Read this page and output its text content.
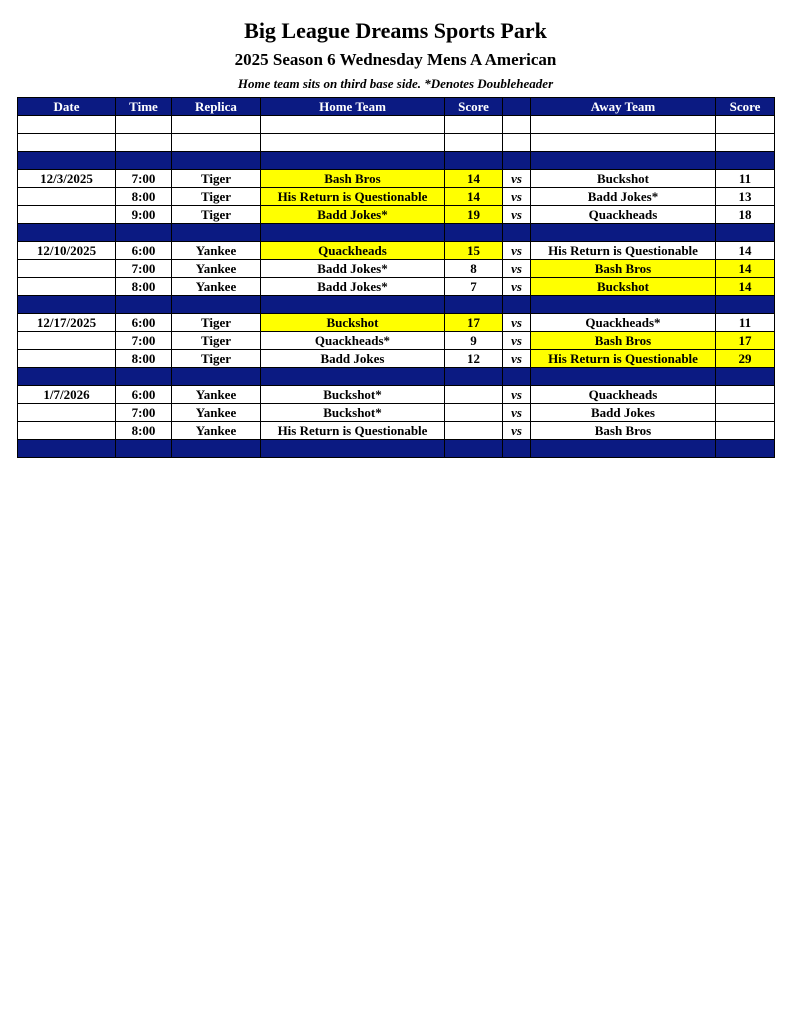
Big League Dreams Sports Park
2025 Season 6 Wednesday Mens A American
Home team sits on third base side. *Denotes Doubleheader
Date	Time	Replica	Home Team	Score		Away Team	Score

12/3/2025	7:00	Tiger	Bash Bros	14	vs	Buckshot	11
	8:00	Tiger	His Return is Questionable	14	vs	Badd Jokes*	13
	9:00	Tiger	Badd Jokes*	19	vs	Quackheads	18

12/10/2025	6:00	Yankee	Quackheads	15	vs	His Return is Questionable	14
	7:00	Yankee	Badd Jokes*	8	vs	Bash Bros	14
	8:00	Yankee	Badd Jokes*	7	vs	Buckshot	14

12/17/2025	6:00	Tiger	Buckshot	17	vs	Quackheads*	11
	7:00	Tiger	Quackheads*	9	vs	Bash Bros	17
	8:00	Tiger	Badd Jokes	12	vs	His Return is Questionable	29

1/7/2026	6:00	Yankee	Buckshot*		vs	Quackheads	
	7:00	Yankee	Buckshot*		vs	Badd Jokes	
	8:00	Yankee	His Return is Questionable		vs	Bash Bros	
